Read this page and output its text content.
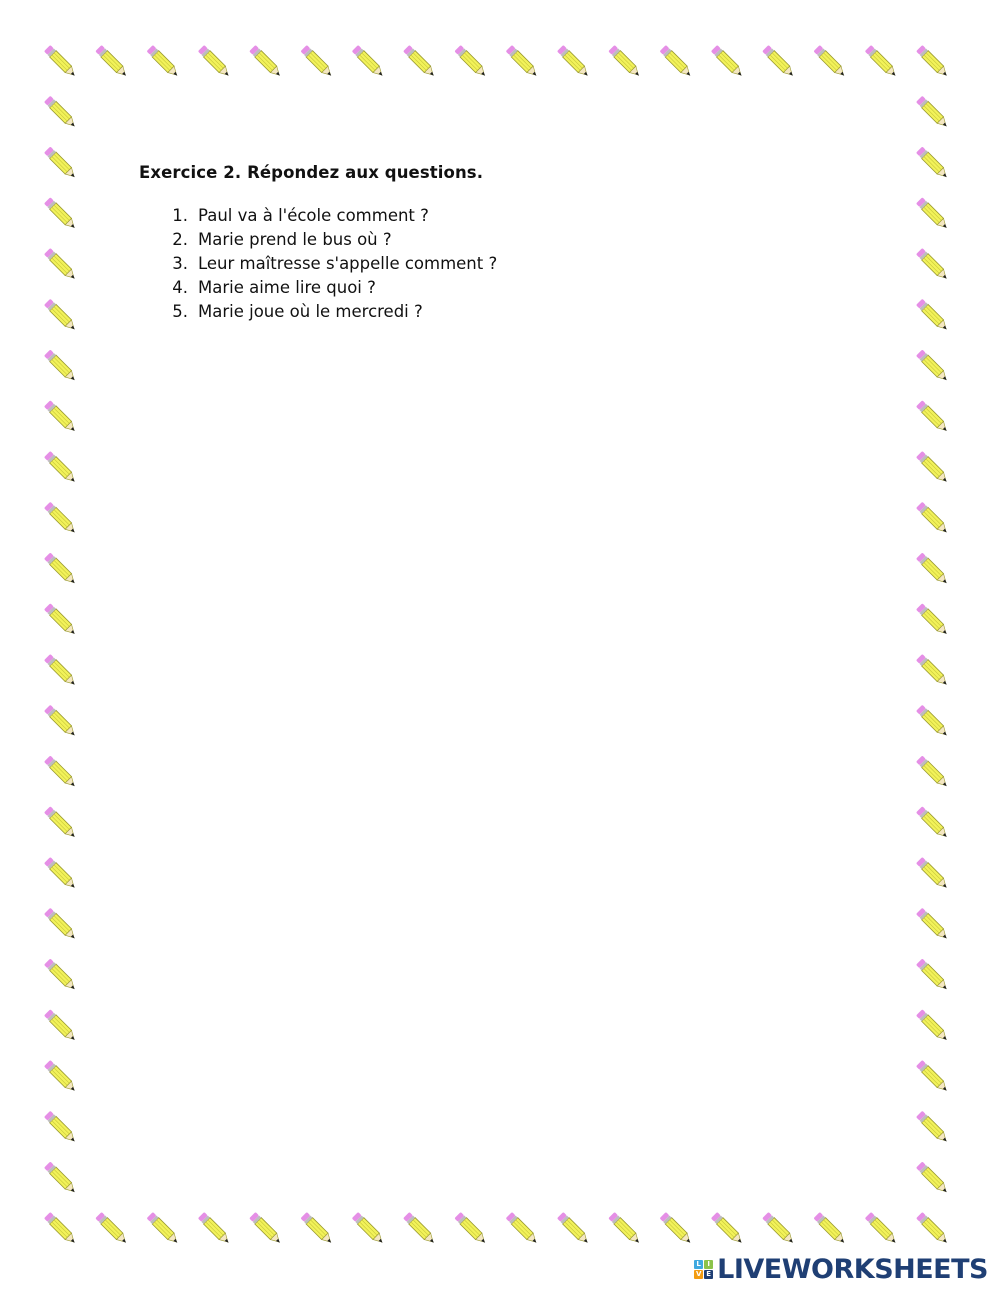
Exercice 2. Répondez aux questions.
1. Paul va à l'école comment ?
2. Marie prend le bus où ?
3. Leur maîtresse s'appelle comment ?
4. Marie aime lire quoi ?
5. Marie joue où le mercredi ?
L I
V E LIVEWORKSHEETS
